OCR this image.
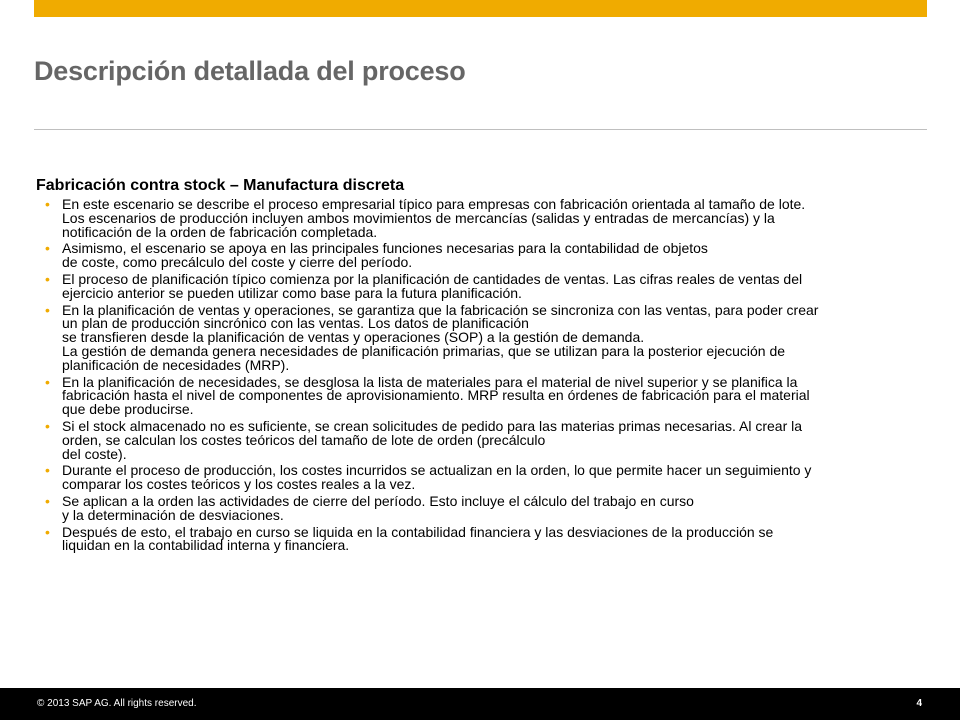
Descripción detallada del proceso
Fabricación contra stock – Manufactura discreta
• En este escenario se describe el proceso empresarial típico para empresas con fabricación orientada al tamaño de lote.
Los escenarios de producción incluyen ambos movimientos de mercancías (salidas y entradas de mercancías) y la
notificación de la orden de fabricación completada.
• Asimismo, el escenario se apoya en las principales funciones necesarias para la contabilidad de objetos
de coste, como precálculo del coste y cierre del período.
• El proceso de planificación típico comienza por la planificación de cantidades de ventas. Las cifras reales de ventas del
ejercicio anterior se pueden utilizar como base para la futura planificación.
• En la planificación de ventas y operaciones, se garantiza que la fabricación se sincroniza con las ventas, para poder crear
un plan de producción sincrónico con las ventas. Los datos de planificación
se transfieren desde la planificación de ventas y operaciones (SOP) a la gestión de demanda.
La gestión de demanda genera necesidades de planificación primarias, que se utilizan para la posterior ejecución de
planificación de necesidades (MRP).
• En la planificación de necesidades, se desglosa la lista de materiales para el material de nivel superior y se planifica la
fabricación hasta el nivel de componentes de aprovisionamiento. MRP resulta en órdenes de fabricación para el material
que debe producirse.
• Si el stock almacenado no es suficiente, se crean solicitudes de pedido para las materias primas necesarias. Al crear la
orden, se calculan los costes teóricos del tamaño de lote de orden (precálculo
del coste).
• Durante el proceso de producción, los costes incurridos se actualizan en la orden, lo que permite hacer un seguimiento y
comparar los costes teóricos y los costes reales a la vez.
• Se aplican a la orden las actividades de cierre del período. Esto incluye el cálculo del trabajo en curso
y la determinación de desviaciones.
• Después de esto, el trabajo en curso se liquida en la contabilidad financiera y las desviaciones de la producción se
liquidan en la contabilidad interna y financiera.
© 2013 SAP AG. All rights reserved.	4
